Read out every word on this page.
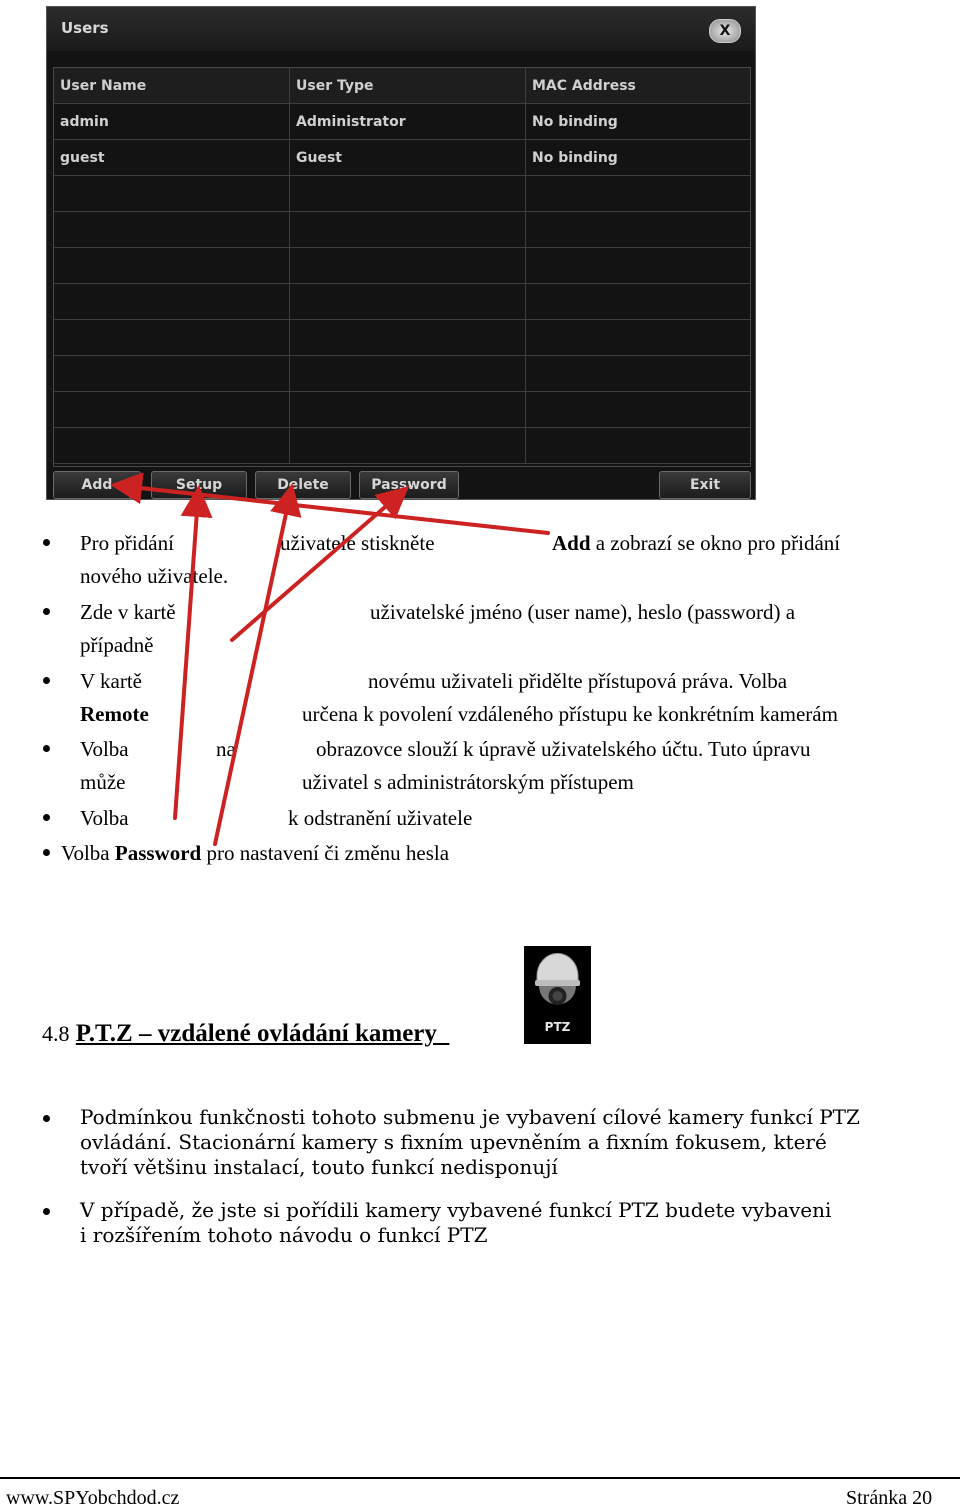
Users	X
User Name	User Type	MAC Address
admin	Administrator	No binding
guest	Guest	No binding
Add	Setup	Delete	Password	Exit
Pro přidání	uživatele stiskněte	Add a zobrazí se okno pro přidání
nového uživatele.
Zde v kartě	uživatelské jméno (user name), heslo (password) a
případně
V kartě	novému uživateli přidělte přístupová práva. Volba
Remote	určena k povolení vzdáleného přístupu ke konkrétním kamerám
Volba	na	obrazovce slouží k úpravě uživatelského účtu. Tuto úpravu
může	uživatel s administrátorským přístupem
Volba	k odstranění uživatele
Volba Password pro nastavení či změnu hesla
4.8 P.T.Z – vzdálené ovládání kamery	PTZ
Podmínkou funkčnosti tohoto submenu je vybavení cílové kamery funkcí PTZ
ovládání. Stacionární kamery s fixním upevněním a fixním fokusem, které
tvoří většinu instalací, touto funkcí nedisponují
V případě, že jste si pořídili kamery vybavené funkcí PTZ budete vybaveni
i rozšířením tohoto návodu o funkcí PTZ
www.SPYobchdod.cz	Stránka 20
